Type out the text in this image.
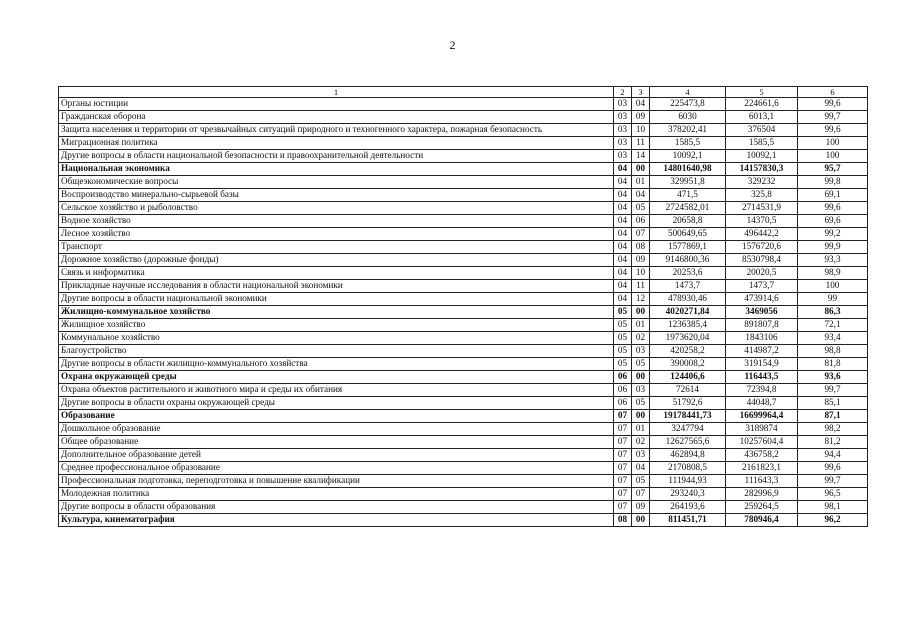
2
1	2	3	4	5	6
Органы юстиции	03	04	225473,8	224661,6	99,6
Гражданская оборона	03	09	6030	6013,1	99,7
Защита населения и территории от чрезвычайных ситуаций природного и техногенного характера, пожарная безопасность	03	10	378202,41	376504	99,6
Миграционная политика	03	11	1585,5	1585,5	100
Другие вопросы в области национальной безопасности и правоохранительной деятельности	03	14	10092,1	10092,1	100
Национальная экономика	04	00	14801640,98	14157830,3	95,7
Общеэкономические вопросы	04	01	329951,8	329232	99,8
Воспроизводство минерально-сырьевой базы	04	04	471,5	325,8	69,1
Сельское хозяйство и рыболовство	04	05	2724582,01	2714531,9	99,6
Водное хозяйство	04	06	20658,8	14370,5	69,6
Лесное хозяйство	04	07	500649,65	496442,2	99,2
Транспорт	04	08	1577869,1	1576720,6	99,9
Дорожное хозяйство (дорожные фонды)	04	09	9146800,36	8530798,4	93,3
Связь и информатика	04	10	20253,6	20020,5	98,9
Прикладные научные исследования в области национальной экономики	04	11	1473,7	1473,7	100
Другие вопросы в области национальной экономики	04	12	478930,46	473914,6	99
Жилищно-коммунальное хозяйство	05	00	4020271,84	3469056	86,3
Жилищное хозяйство	05	01	1236385,4	891807,8	72,1
Коммунальное хозяйство	05	02	1973620,04	1843106	93,4
Благоустройство	05	03	420258,2	414987,2	98,8
Другие вопросы в области жилищно-коммунального хозяйства	05	05	390008,2	319154,9	81,8
Охрана окружающей среды	06	00	124406,6	116443,5	93,6
Охрана объектов растительного и животного мира и среды их обитания	06	03	72614	72394,8	99,7
Другие вопросы в области охраны окружающей среды	06	05	51792,6	44048,7	85,1
Образование	07	00	19178441,73	16699964,4	87,1
Дошкольное образование	07	01	3247794	3189874	98,2
Общее образование	07	02	12627565,6	10257604,4	81,2
Дополнительное образование детей	07	03	462894,8	436758,2	94,4
Среднее профессиональное образование	07	04	2170808,5	2161823,1	99,6
Профессиональная подготовка, переподготовка и повышение квалификации	07	05	111944,93	111643,3	99,7
Молодежная политика	07	07	293240,3	282996,9	96,5
Другие вопросы в области образования	07	09	264193,6	259264,5	98,1
Культура, кинематография	08	00	811451,71	780946,4	96,2
